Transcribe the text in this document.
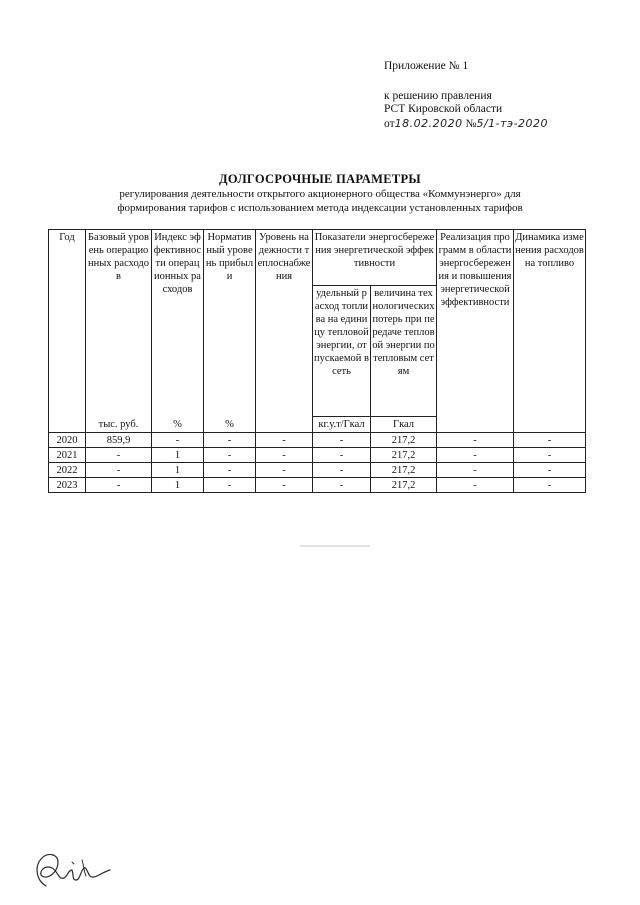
Приложение № 1
к решению правления
РСТ Кировской области
от18.02.2020 №5/1-тэ-2020
ДОЛГОСРОЧНЫЕ ПАРАМЕТРЫ
регулирования деятельности открытого акционерного общества «Коммунэнерго» для
формирования тарифов с использованием метода индексации установленных тарифов
Год	Базовый уровень операционных расходов	Индекс эффективности операционных расходов	Нормативный уровень прибыли	Уровень надежности теплоснабжения	Показатели энергосбережения энергетической эффективности		Реализация программ в области энергосбережения и повышения энергетической эффективности	Динамика изменения расходов на топливо
					удельный расход топлива на единицу тепловой энергии, отпускаемой в сеть	величина технологических потерь при передаче тепловой энергии по тепловым сетям		
	тыс. руб.	%	%		кг.у.т/Гкал	Гкал		
2020	859,9	-	-	-	-	217,2	-	-
2021	-	1	-	-	-	217,2	-	-
2022	-	1	-	-	-	217,2	-	-
2023	-	1	-	-	-	217,2	-	-
